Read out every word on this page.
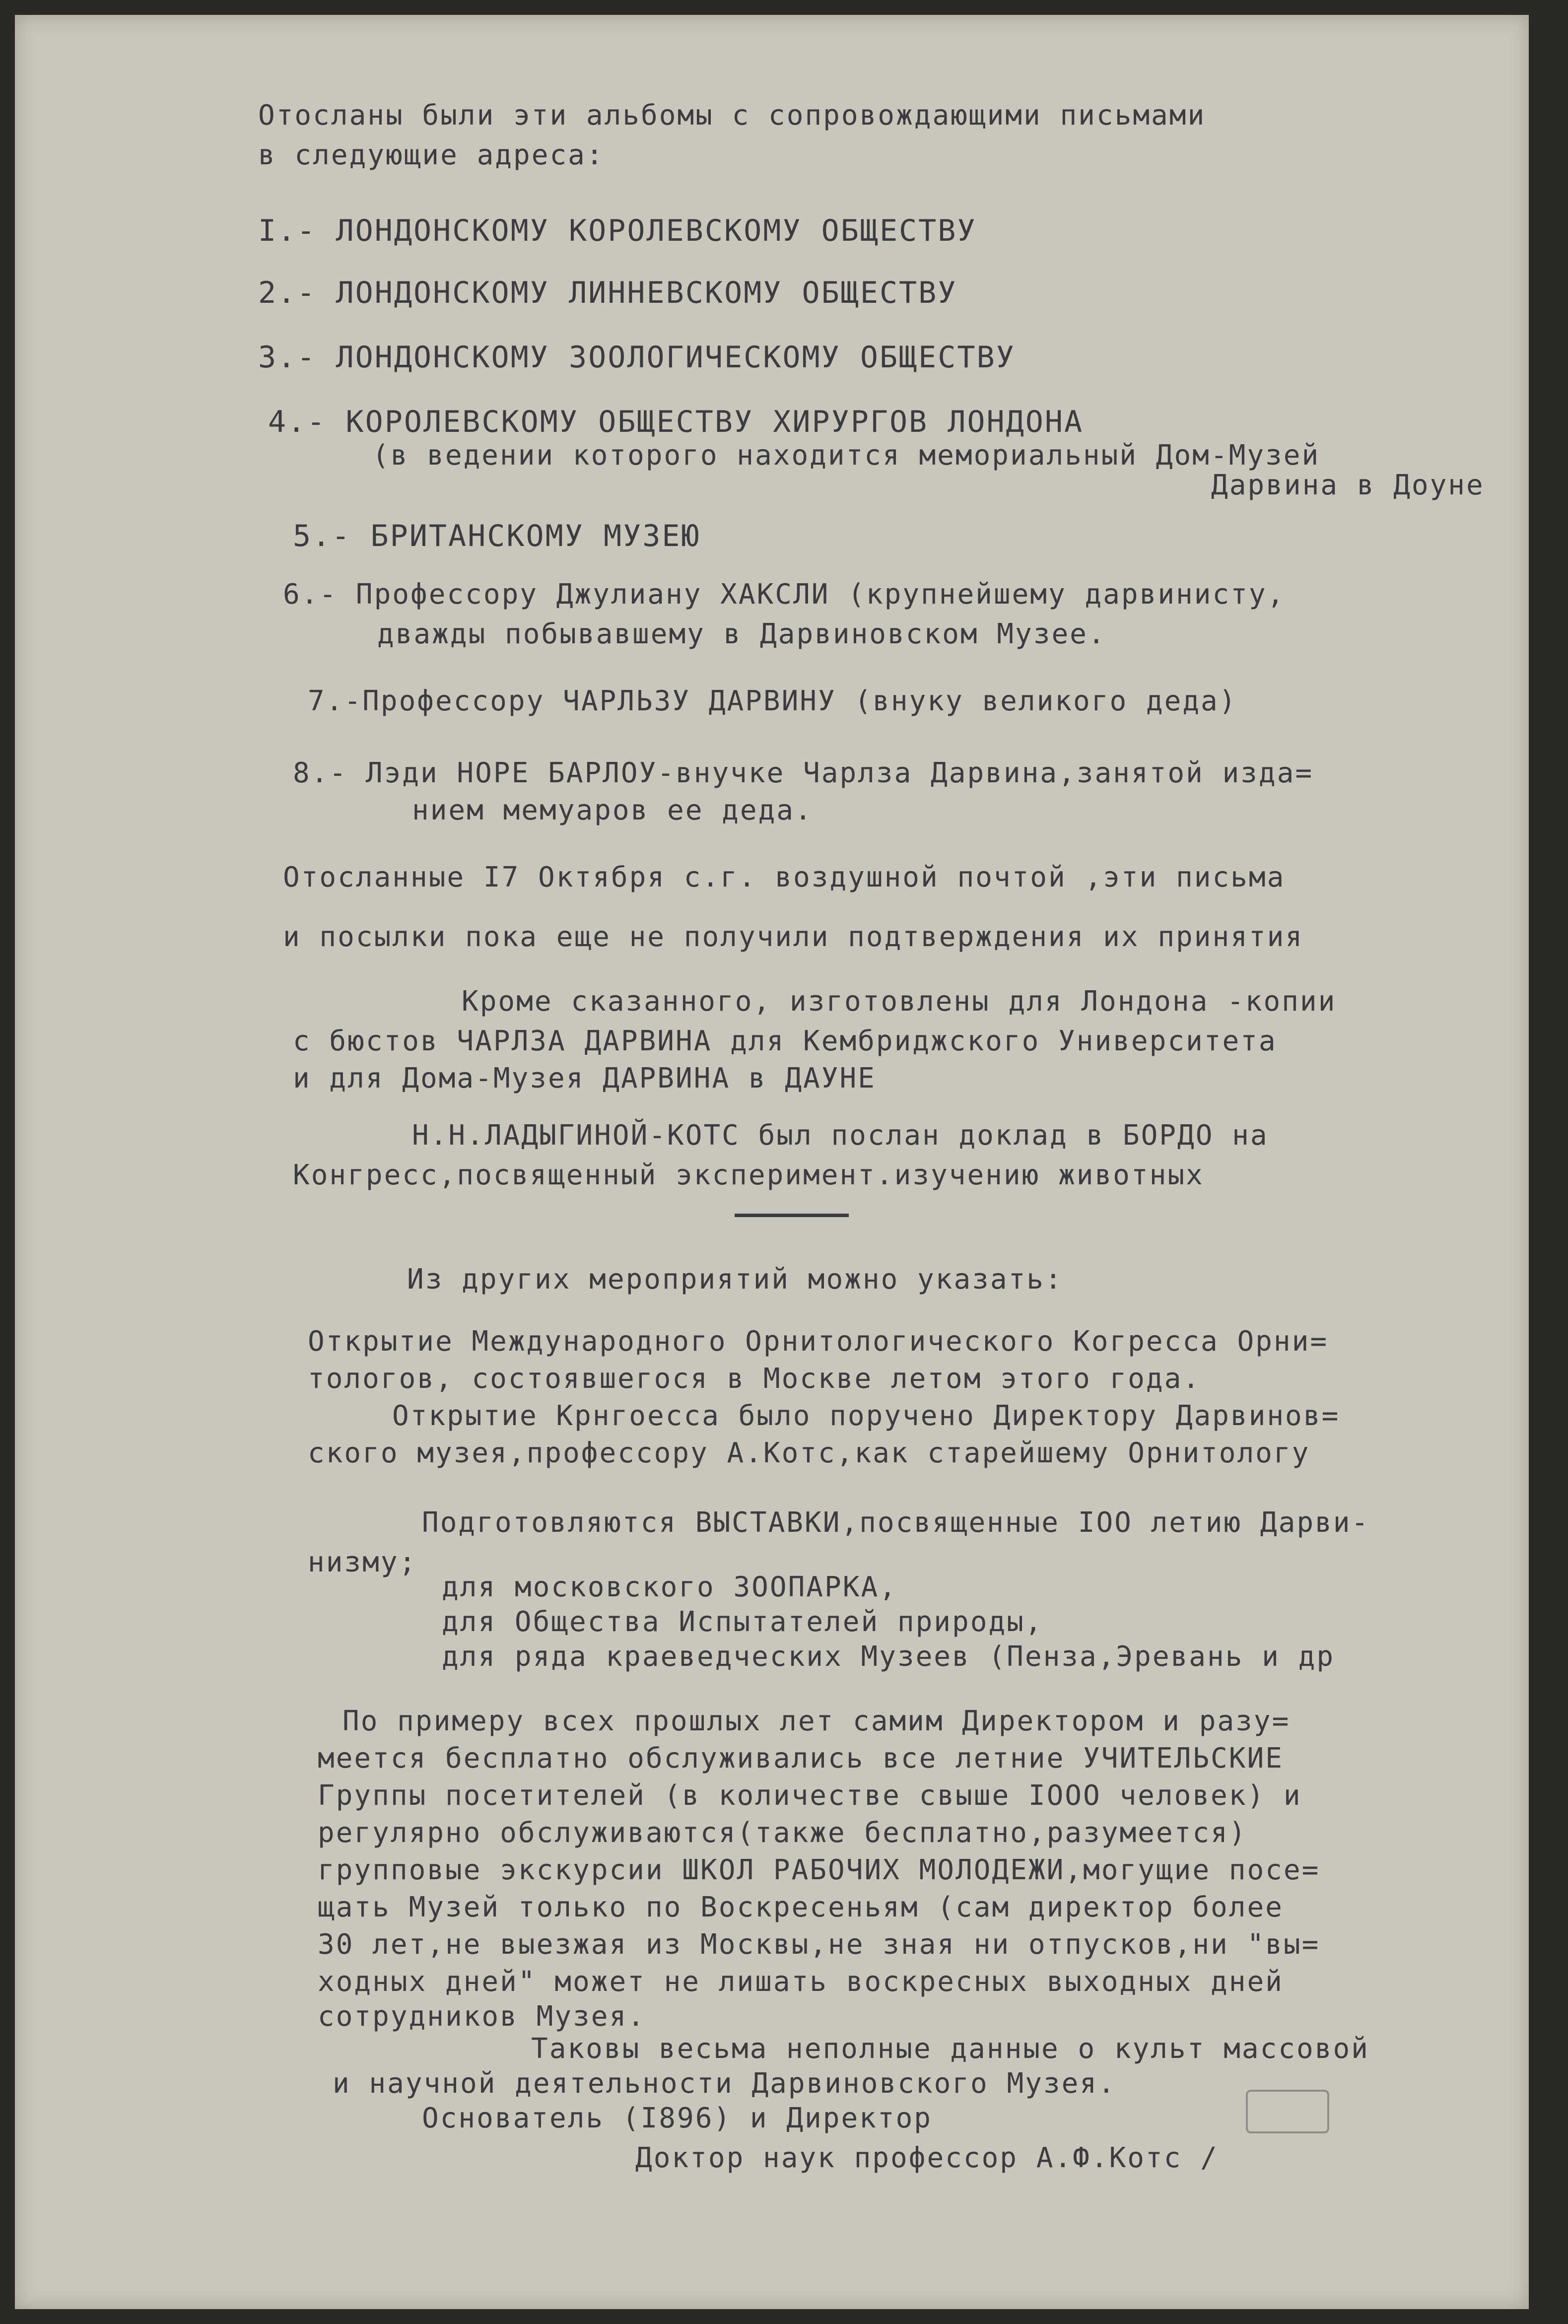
Отосланы были эти альбомы с сопровождающими письмами
в следующие адреса:
I.- ЛОНДОНСКОМУ КОРОЛЕВСКОМУ ОБЩЕСТВУ
2.- ЛОНДОНСКОМУ ЛИННЕВСКОМУ ОБЩЕСТВУ
3.- ЛОНДОНСКОМУ ЗООЛОГИЧЕСКОМУ ОБЩЕСТВУ
4.- КОРОЛЕВСКОМУ ОБЩЕСТВУ ХИРУРГОВ ЛОНДОНА
(в ведении которого находится мемориальный Дом-Музей
Дарвина в Доуне
5.- БРИТАНСКОМУ МУЗЕЮ
6.- Профессору Джулиану ХАКСЛИ (крупнейшему дарвинисту,
дважды побывавшему в Дарвиновском Музее.
7.-Профессору ЧАРЛЬЗУ ДАРВИНУ (внуку великого деда)
8.- Лэди НОРЕ БАРЛОУ-внучке Чарлза Дарвина,занятой изда=
нием мемуаров ее деда.
Отосланные I7 Октября с.г. воздушной почтой ,эти письма
и посылки пока еще не получили подтверждения их принятия
Кроме сказанного, изготовлены для Лондона -копии
с бюстов ЧАРЛЗА ДАРВИНА для Кембриджского Университета
и для Дома-Музея ДАРВИНА в ДАУНЕ
Н.Н.ЛАДЫГИНОЙ-КОТС был послан доклад в БОРДО на
Конгресс,посвященный эксперимент.изучению животных
Из других мероприятий можно указать:
Открытие Международного Орнитологического Когресса Орни=
тологов, состоявшегося в Москве летом этого года.
Открытие Крнгоесса было поручено Директору Дарвинов=
ского музея,профессору А.Котс,как старейшему Орнитологу
Подготовляются ВЫСТАВКИ,посвященные IOO летию Дарви-
низму;
для московского ЗООПАРКА,
для Общества Испытателей природы,
для ряда краеведческих Музеев (Пенза,Эревань и др
По примеру всех прошлых лет самим Директором и разу=
меется бесплатно обслуживались все летние УЧИТЕЛЬСКИЕ
Группы посетителей (в количестве свыше IOOO человек) и
регулярно обслуживаются(также бесплатно,разумеется)
групповые экскурсии ШКОЛ РАБОЧИХ МОЛОДЕЖИ,могущие посе=
щать Музей только по Воскресеньям (сам директор более
30 лет,не выезжая из Москвы,не зная ни отпусков,ни "вы=
ходных дней" может не лишать воскресных выходных дней
сотрудников Музея.
Таковы весьма неполные данные о культ массовой
и научной деятельности Дарвиновского Музея.
Основатель (I896) и Директор
Доктор наук профессор А.Ф.Котс /
